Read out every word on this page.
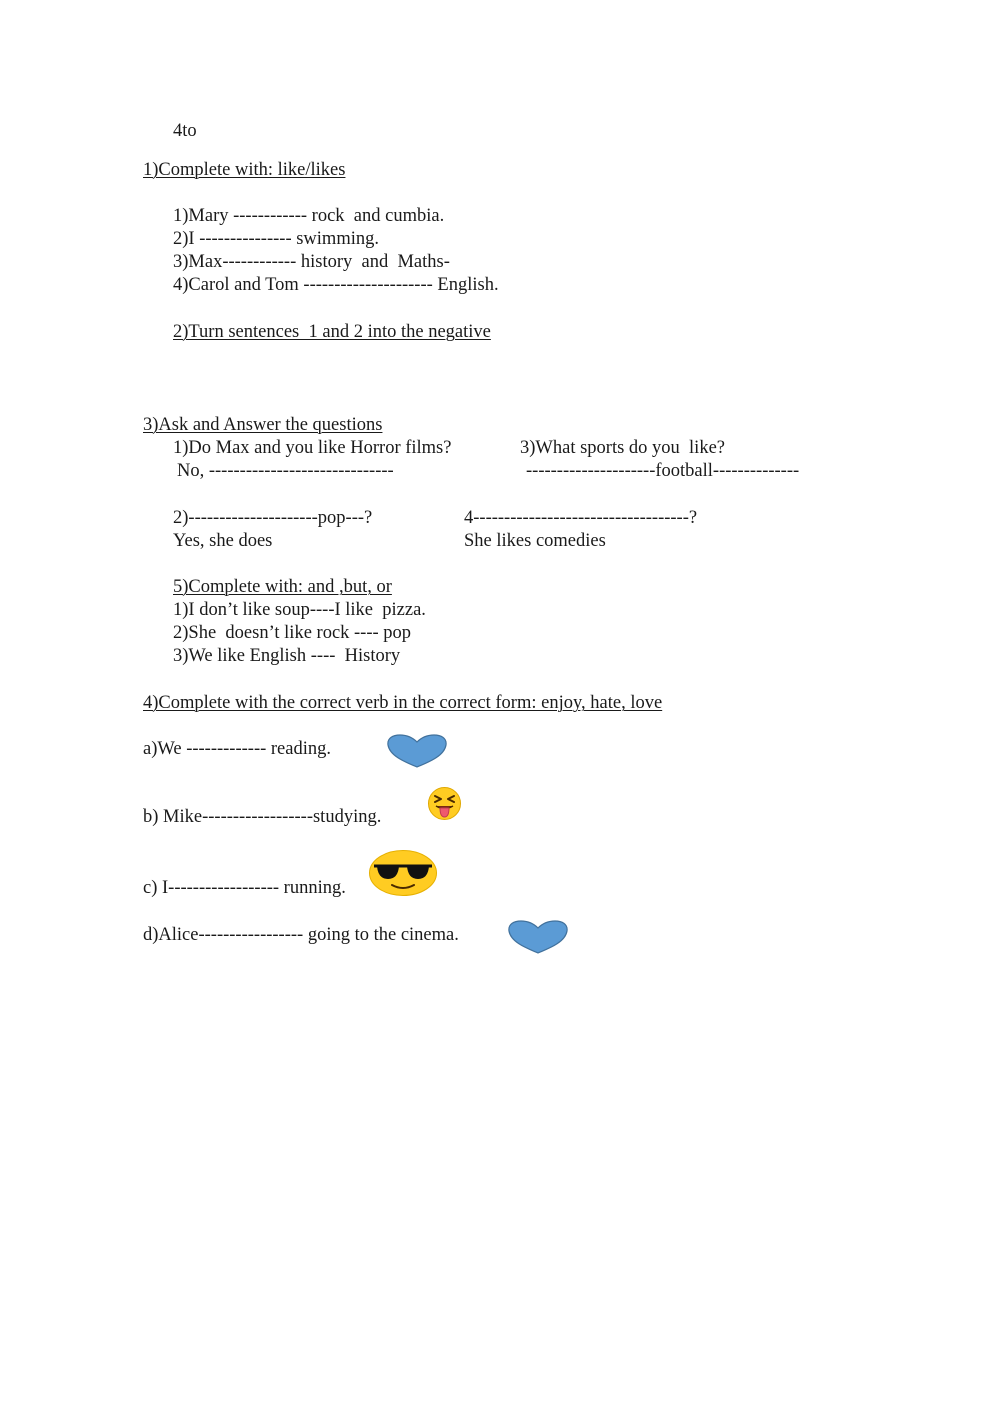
4to
1)Complete with: like/likes
1)Mary ------------ rock  and cumbia.
2)I --------------- swimming.
3)Max------------ history  and  Maths-
4)Carol and Tom --------------------- English.
2)Turn sentences  1 and 2 into the negative
3)Ask and Answer the questions
1)Do Max and you like Horror films?
No, ------------------------------
3)What sports do you  like?
---------------------football--------------
2)---------------------pop---?
Yes, she does
4-----------------------------------?
She likes comedies
5)Complete with: and ,but, or
1)I don’t like soup----I like  pizza.
2)She  doesn’t like rock ---- pop
3)We like English ----  History
4)Complete with the correct verb in the correct form: enjoy, hate, love
a)We ------------- reading.
b) Mike------------------studying.
c) I------------------ running.
d)Alice----------------- going to the cinema.
